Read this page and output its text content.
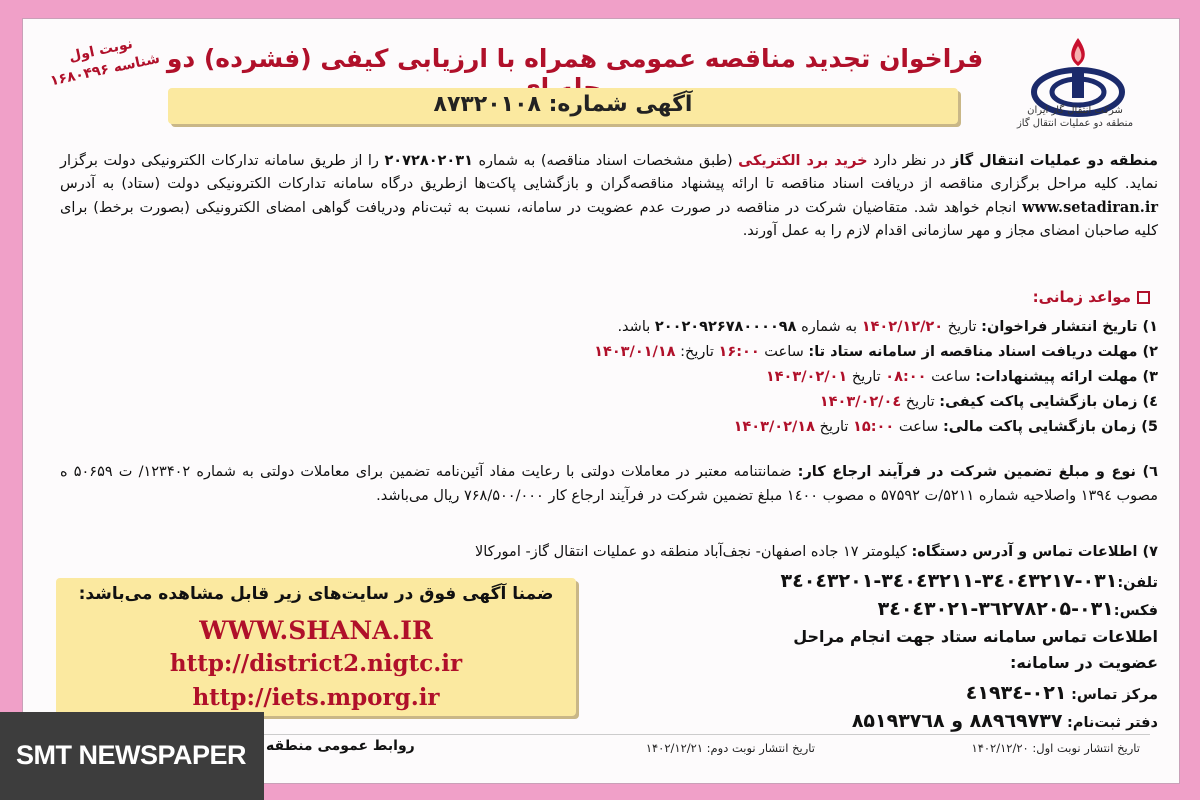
نوبت اول
شناسه ۱۶۸۰۴۹۶
شرکت انتقال گاز ایران
منطقه دو عملیات انتقال گاز
فراخوان تجدید مناقصه عمومی همراه با ارزیابی کیفی (فشرده) دو
آگهی شماره: ۸۷۳۲۰۱۰۸
منطقه دو عملیات انتقال گاز در نظر دارد خرید برد الکتریکی (طبق مشخصات اسناد مناقصه) به شماره ۲۰۷۲۸۰۲۰۳۱ را از طریق سامانه تدارکات الکترونیکی دولت برگزار نماید. کلیه مراحل برگزاری مناقصه از دریافت اسناد مناقصه تا ارائه پیشنهاد مناقصه‌گران و بازگشایی پاکت‌ها ازطریق درگاه سامانه تدارکات الکترونیکی دولت (ستاد) به آدرس www.setadiran.ir انجام خواهد شد. متقاضیان شرکت در مناقصه در صورت عدم عضویت در سامانه، نسبت به ثبت‌نام ودریافت گواهی امضای الکترونیکی (بصورت برخط) برای کلیه صاحبان امضای مجاز و مهر سازمانی اقدام لازم را به عمل آورند.
مواعد زمانی:
۱) تاریخ انتشار فراخوان: تاریخ ۱۴۰۲/۱۲/۲۰ به شماره ۲۰۰۲۰۹۲۶۷۸۰۰۰۰۹۸ باشد.
۲) مهلت دریافت اسناد مناقصه از سامانه ستاد تا: ساعت ۱۶:۰۰ تاریخ: ۱۴۰۳/۰۱/۱۸
۳) مهلت ارائه پیشنهادات: ساعت ۰۸:۰۰ تاریخ ۱۴۰۳/۰۲/۰۱
٤) زمان بازگشایی پاکت کیفی: تاریخ ۱۴۰۳/۰۲/۰٤
5) زمان بازگشایی پاکت مالی: ساعت ۱۵:۰۰ تاریخ ۱۴۰۳/۰۲/۱۸
٦) نوع و مبلغ تضمین شرکت در فرآیند ارجاع کار: ضمانتنامه معتبر در معاملات دولتی با رعایت مفاد آئین‌نامه تضمین برای معاملات دولتی به شماره ۱۲۳۴۰۲/ ت ۵۰۶۵۹ ه مصوب ۱۳۹٤ واصلاحیه شماره ۵۲۱۱/ت ۵۷۵۹۲ ه مصوب ۱٤۰۰ مبلغ تضمین شرکت در فرآیند ارجاع کار ۷۶۸/۵۰۰/۰۰۰ ریال می‌باشد.
۷) اطلاعات تماس و آدرس دستگاه: کیلومتر ۱۷ جاده اصفهان- نجف‌آباد منطقه دو عملیات انتقال گاز- امورکالا
تلفن:۰۳۱-۳٤۰٤۳۲۱۷-۳٤۰٤۳۲۱۱-۳٤۰٤۳۲۰۱
فکس:۰۳۱-۳٦۲۷۸۲۰۵-۳٤۰٤۳۰۲۱
اطلاعات تماس سامانه ستاد جهت انجام مراحل
عضویت در سامانه:
مرکز تماس: ۰۲۱-٤۱۹۳٤
دفتر ثبت‌نام: ۸۸۹٦۹۷۳۷ و ۸۵۱۹۳۷٦۸
ضمنا آگهی فوق در سایت‌های زیر قابل مشاهده می‌باشد:
WWW.SHANA.IR
http://district2.nigtc.ir
http://iets.mporg.ir
تاریخ انتشار نوبت اول: ۱۴۰۲/۱۲/۲۰
تاریخ انتشار نوبت دوم: ۱۴۰۲/۱۲/۲۱
روابط عمومی منطقه
SMT NEWSPAPER
